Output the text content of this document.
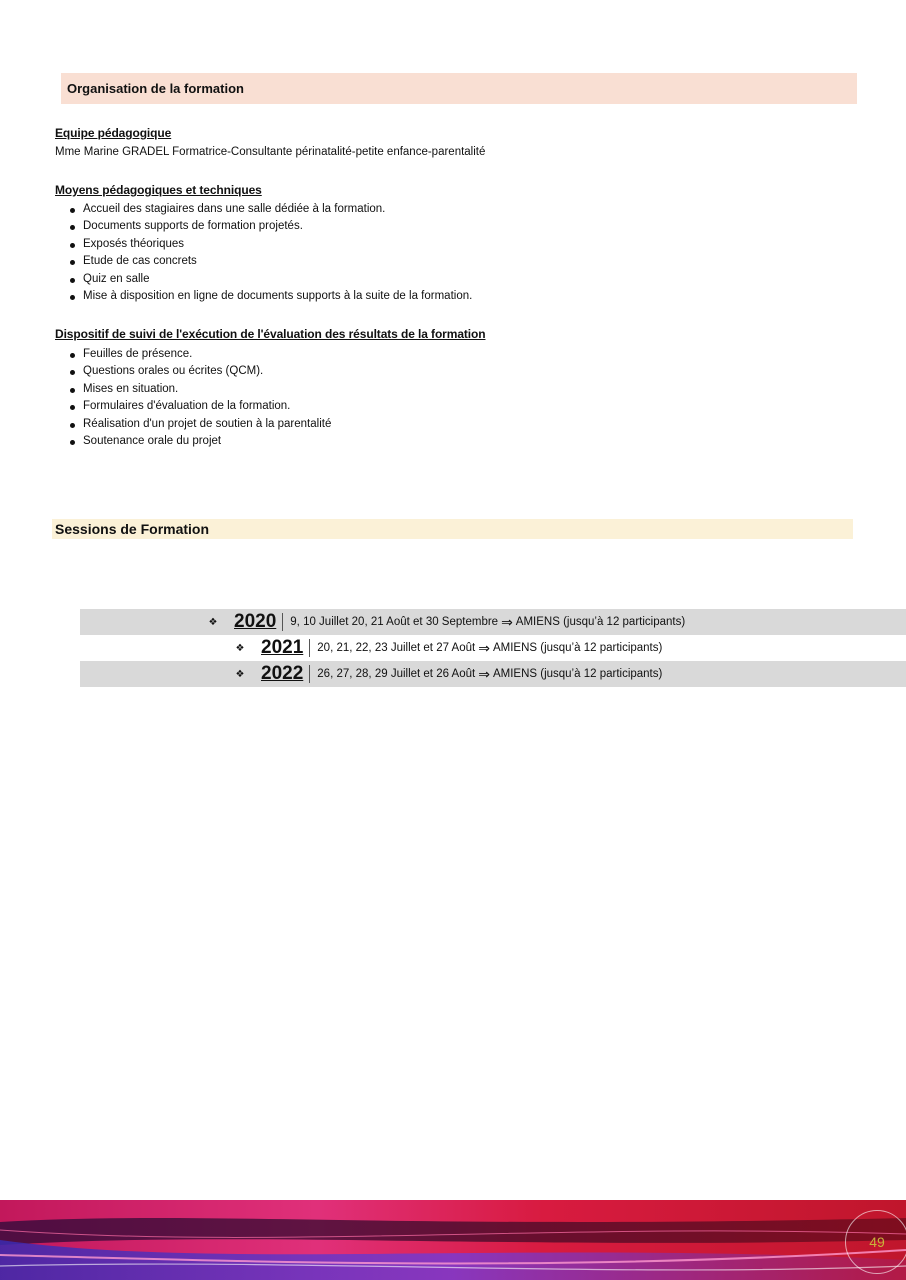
Organisation de la formation
Equipe pédagogique
Mme Marine GRADEL Formatrice-Consultante périnatalité-petite enfance-parentalité
Moyens pédagogiques et techniques
Accueil des stagiaires dans une salle dédiée à la formation.
Documents supports de formation projetés.
Exposés théoriques
Etude de cas concrets
Quiz en salle
Mise à disposition en ligne de documents supports à la suite de la formation.
Dispositif de suivi de l'exécution de l'évaluation des résultats de la formation
Feuilles de présence.
Questions orales ou écrites (QCM).
Mises en situation.
Formulaires d'évaluation de la formation.
Réalisation d'un projet de soutien à la parentalité
Soutenance orale du projet
Sessions de Formation
❖ 2020 9, 10 Juillet 20, 21 Août et 30 Septembre ⇒ AMIENS (jusqu’à 12 participants)
❖ 2021 20, 21, 22, 23 Juillet et 27 Août ⇒ AMIENS (jusqu’à 12 participants)
❖ 2022 26, 27, 28, 29 Juillet et 26 Août ⇒ AMIENS (jusqu’à 12 participants)
49
